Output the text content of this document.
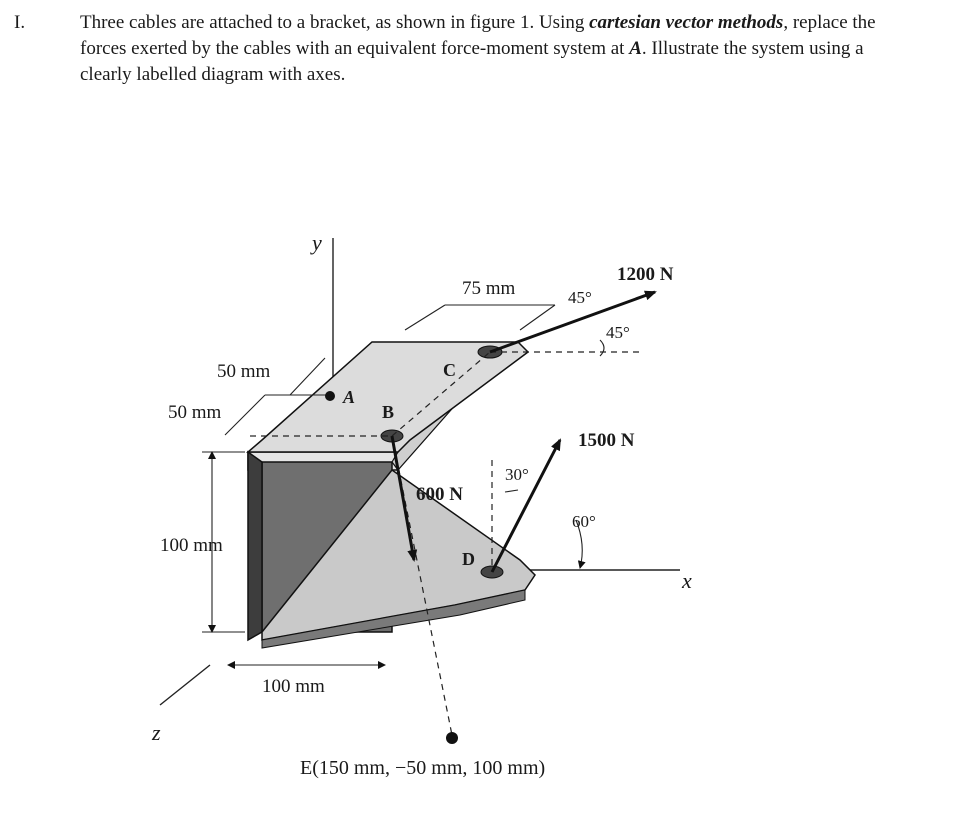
I.	Three cables are attached to a bracket, as shown in figure 1. Using cartesian vector methods, replace the forces exerted by the cables with an equivalent force-moment system at A. Illustrate the system using a clearly labelled diagram with axes.
y
x
z
A
B
C
D
E(150 mm, −50 mm, 100 mm)
75 mm
50 mm
50 mm
100 mm
100 mm
1200 N
1500 N
600 N
45°
45°
30°
60°
